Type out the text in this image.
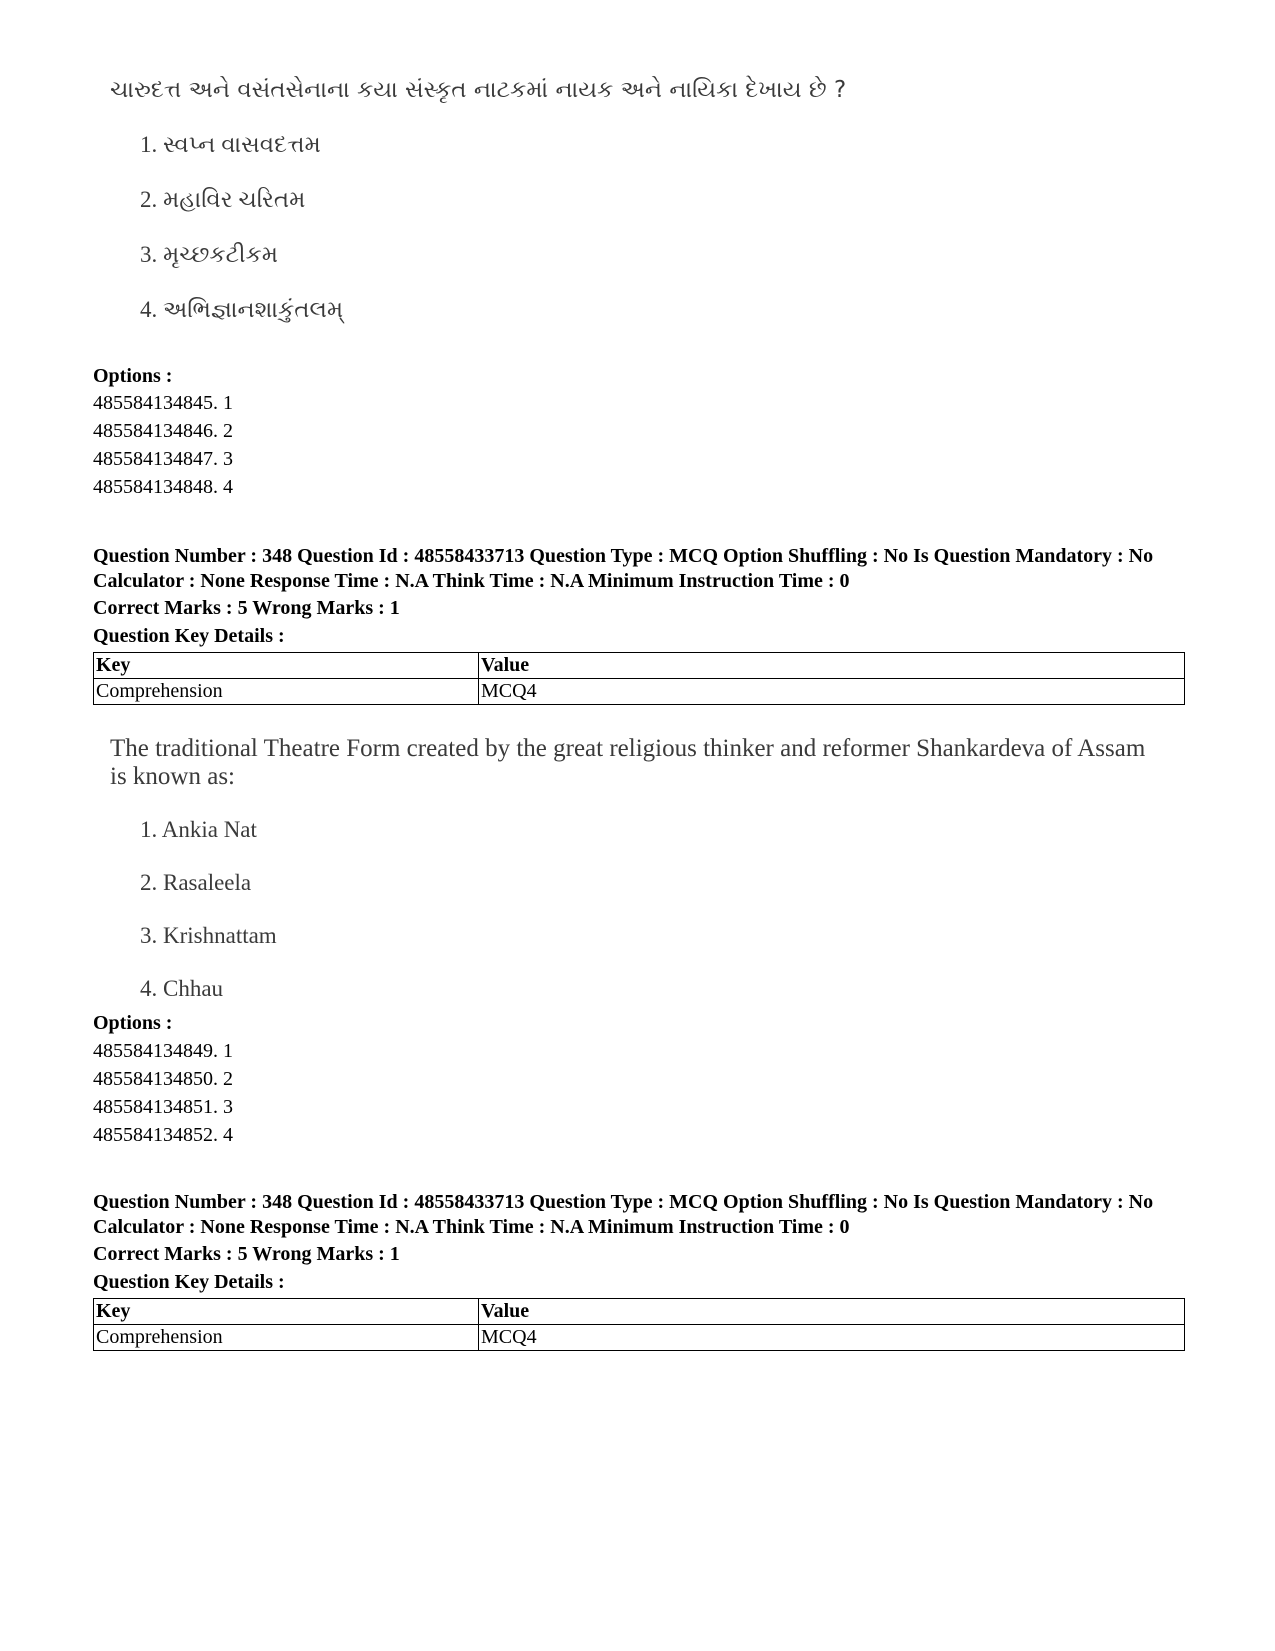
ચારુદત્ત અને વસંતસેનાના કયા સંસ્કૃત નાટકમાં નાયક અને નાયિકા દેખાય છે ?
1. સ્વપ્ન વાસવદત્તમ
2. મહાવિર ચરિતમ
3. મૃચ્છકટીકમ
4. અભિજ્ઞાનશાકુંતલમ્
Options :
485584134845. 1
485584134846. 2
485584134847. 3
485584134848. 4
Question Number : 348 Question Id : 48558433713 Question Type : MCQ Option Shuffling : No Is Question Mandatory : No Calculator : None Response Time : N.A Think Time : N.A Minimum Instruction Time : 0
Correct Marks : 5 Wrong Marks : 1
Question Key Details :
Key	Value
Comprehension	MCQ4
The traditional Theatre Form created by the great religious thinker and reformer Shankardeva of Assam is known as:
1. Ankia Nat
2. Rasaleela
3. Krishnattam
4. Chhau
Options :
485584134849. 1
485584134850. 2
485584134851. 3
485584134852. 4
Question Number : 348 Question Id : 48558433713 Question Type : MCQ Option Shuffling : No Is Question Mandatory : No Calculator : None Response Time : N.A Think Time : N.A Minimum Instruction Time : 0
Correct Marks : 5 Wrong Marks : 1
Question Key Details :
Key	Value
Comprehension	MCQ4
